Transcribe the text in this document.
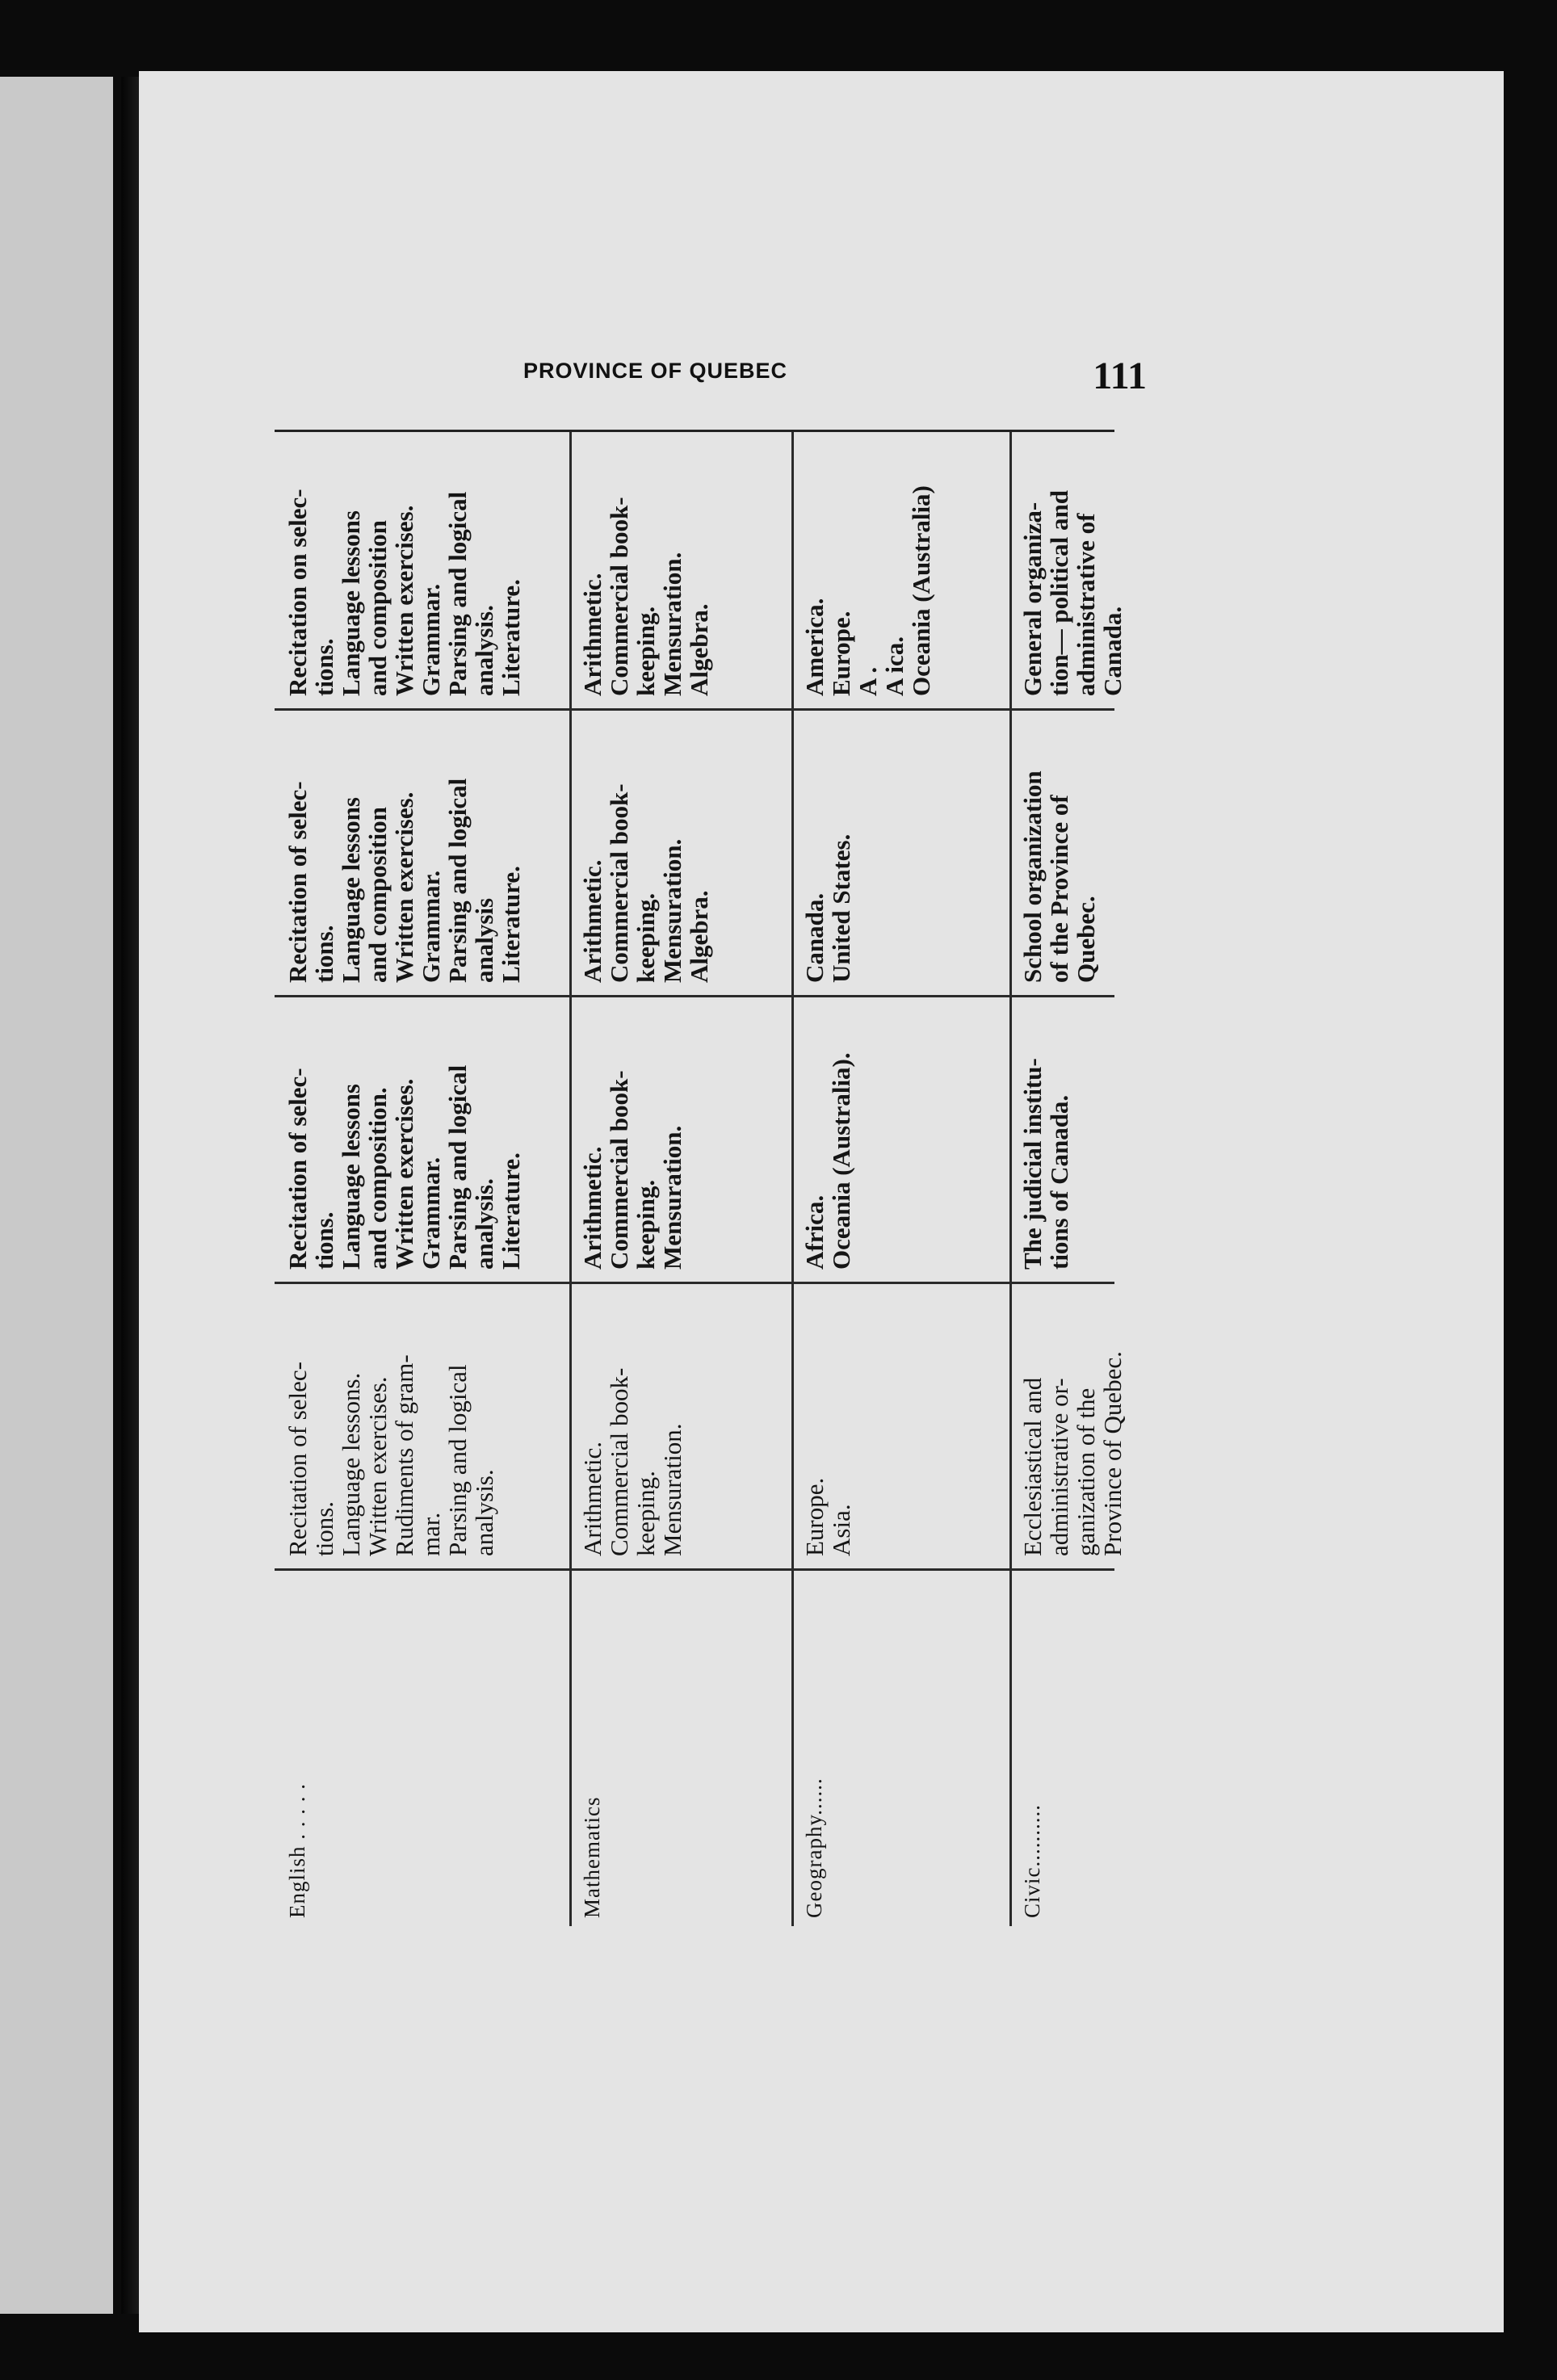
PROVINCE OF QUEBEC	111
English . . . . .
Recitation of selec-
tions.
Language lessons.
Written exercises.
Rudiments of gram-
mar.
Parsing and logical
analysis.
Recitation of selec-
tions.
Language lessons
and composition.
Written exercises.
Grammar.
Parsing and logical
analysis.
Literature.
Recitation of selec-
tions.
Language lessons
and composition
Written exercises.
Grammar.
Parsing and logical
analysis
Literature.
Recitation on selec-
tions.
Language lessons
and composition
Written exercises.
Grammar.
Parsing and logical
analysis.
Literature.
Mathematics
Arithmetic.
Commercial book-
keeping.
Mensuration.
Arithmetic.
Commercial book-
keeping.
Mensuration.
Arithmetic.
Commercial book-
keeping.
Mensuration.
Algebra.
Arithmetic.
Commercial book-
keeping.
Mensuration.
Algebra.
Geography......
Europe.
Asia.
Africa.
Oceania (Australia).
Canada.
United States.
America.
Europe.
A .
A ica.
Oceania (Australia)
Civic..........
Ecclesiastical and
administrative or-
ganization of the
Province of Quebec.
The judicial institu-
tions of Canada.
School organization
of the Province of
Quebec.
General organiza-
tion— political and
administrative of
Canada.
